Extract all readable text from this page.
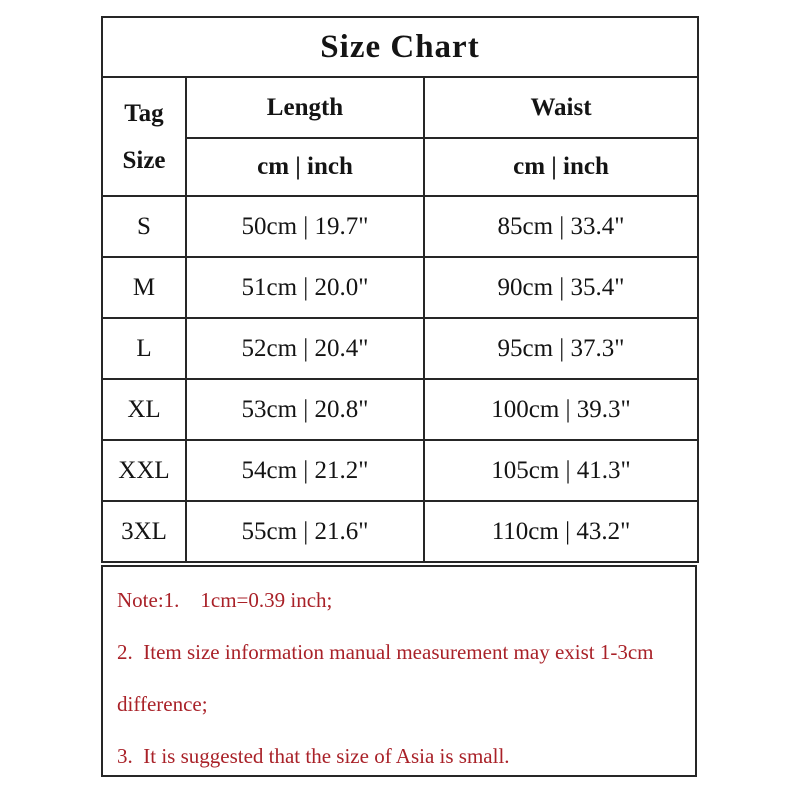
Size Chart		

Tag
Size	Length	Waist
	cm | inch	cm | inch
S	50cm | 19.7"	85cm | 33.4"
M	51cm | 20.0"	90cm | 35.4"
L	52cm | 20.4"	95cm | 37.3"
XL	53cm | 20.8"	100cm | 39.3"
XXL	54cm | 21.2"	105cm | 41.3"
3XL	55cm | 21.6"	110cm | 43.2"

Note:1.    1cm=0.39 inch;

2.  Item size information manual measurement may exist 1-3cm

difference;

3.  It is suggested that the size of Asia is small.
